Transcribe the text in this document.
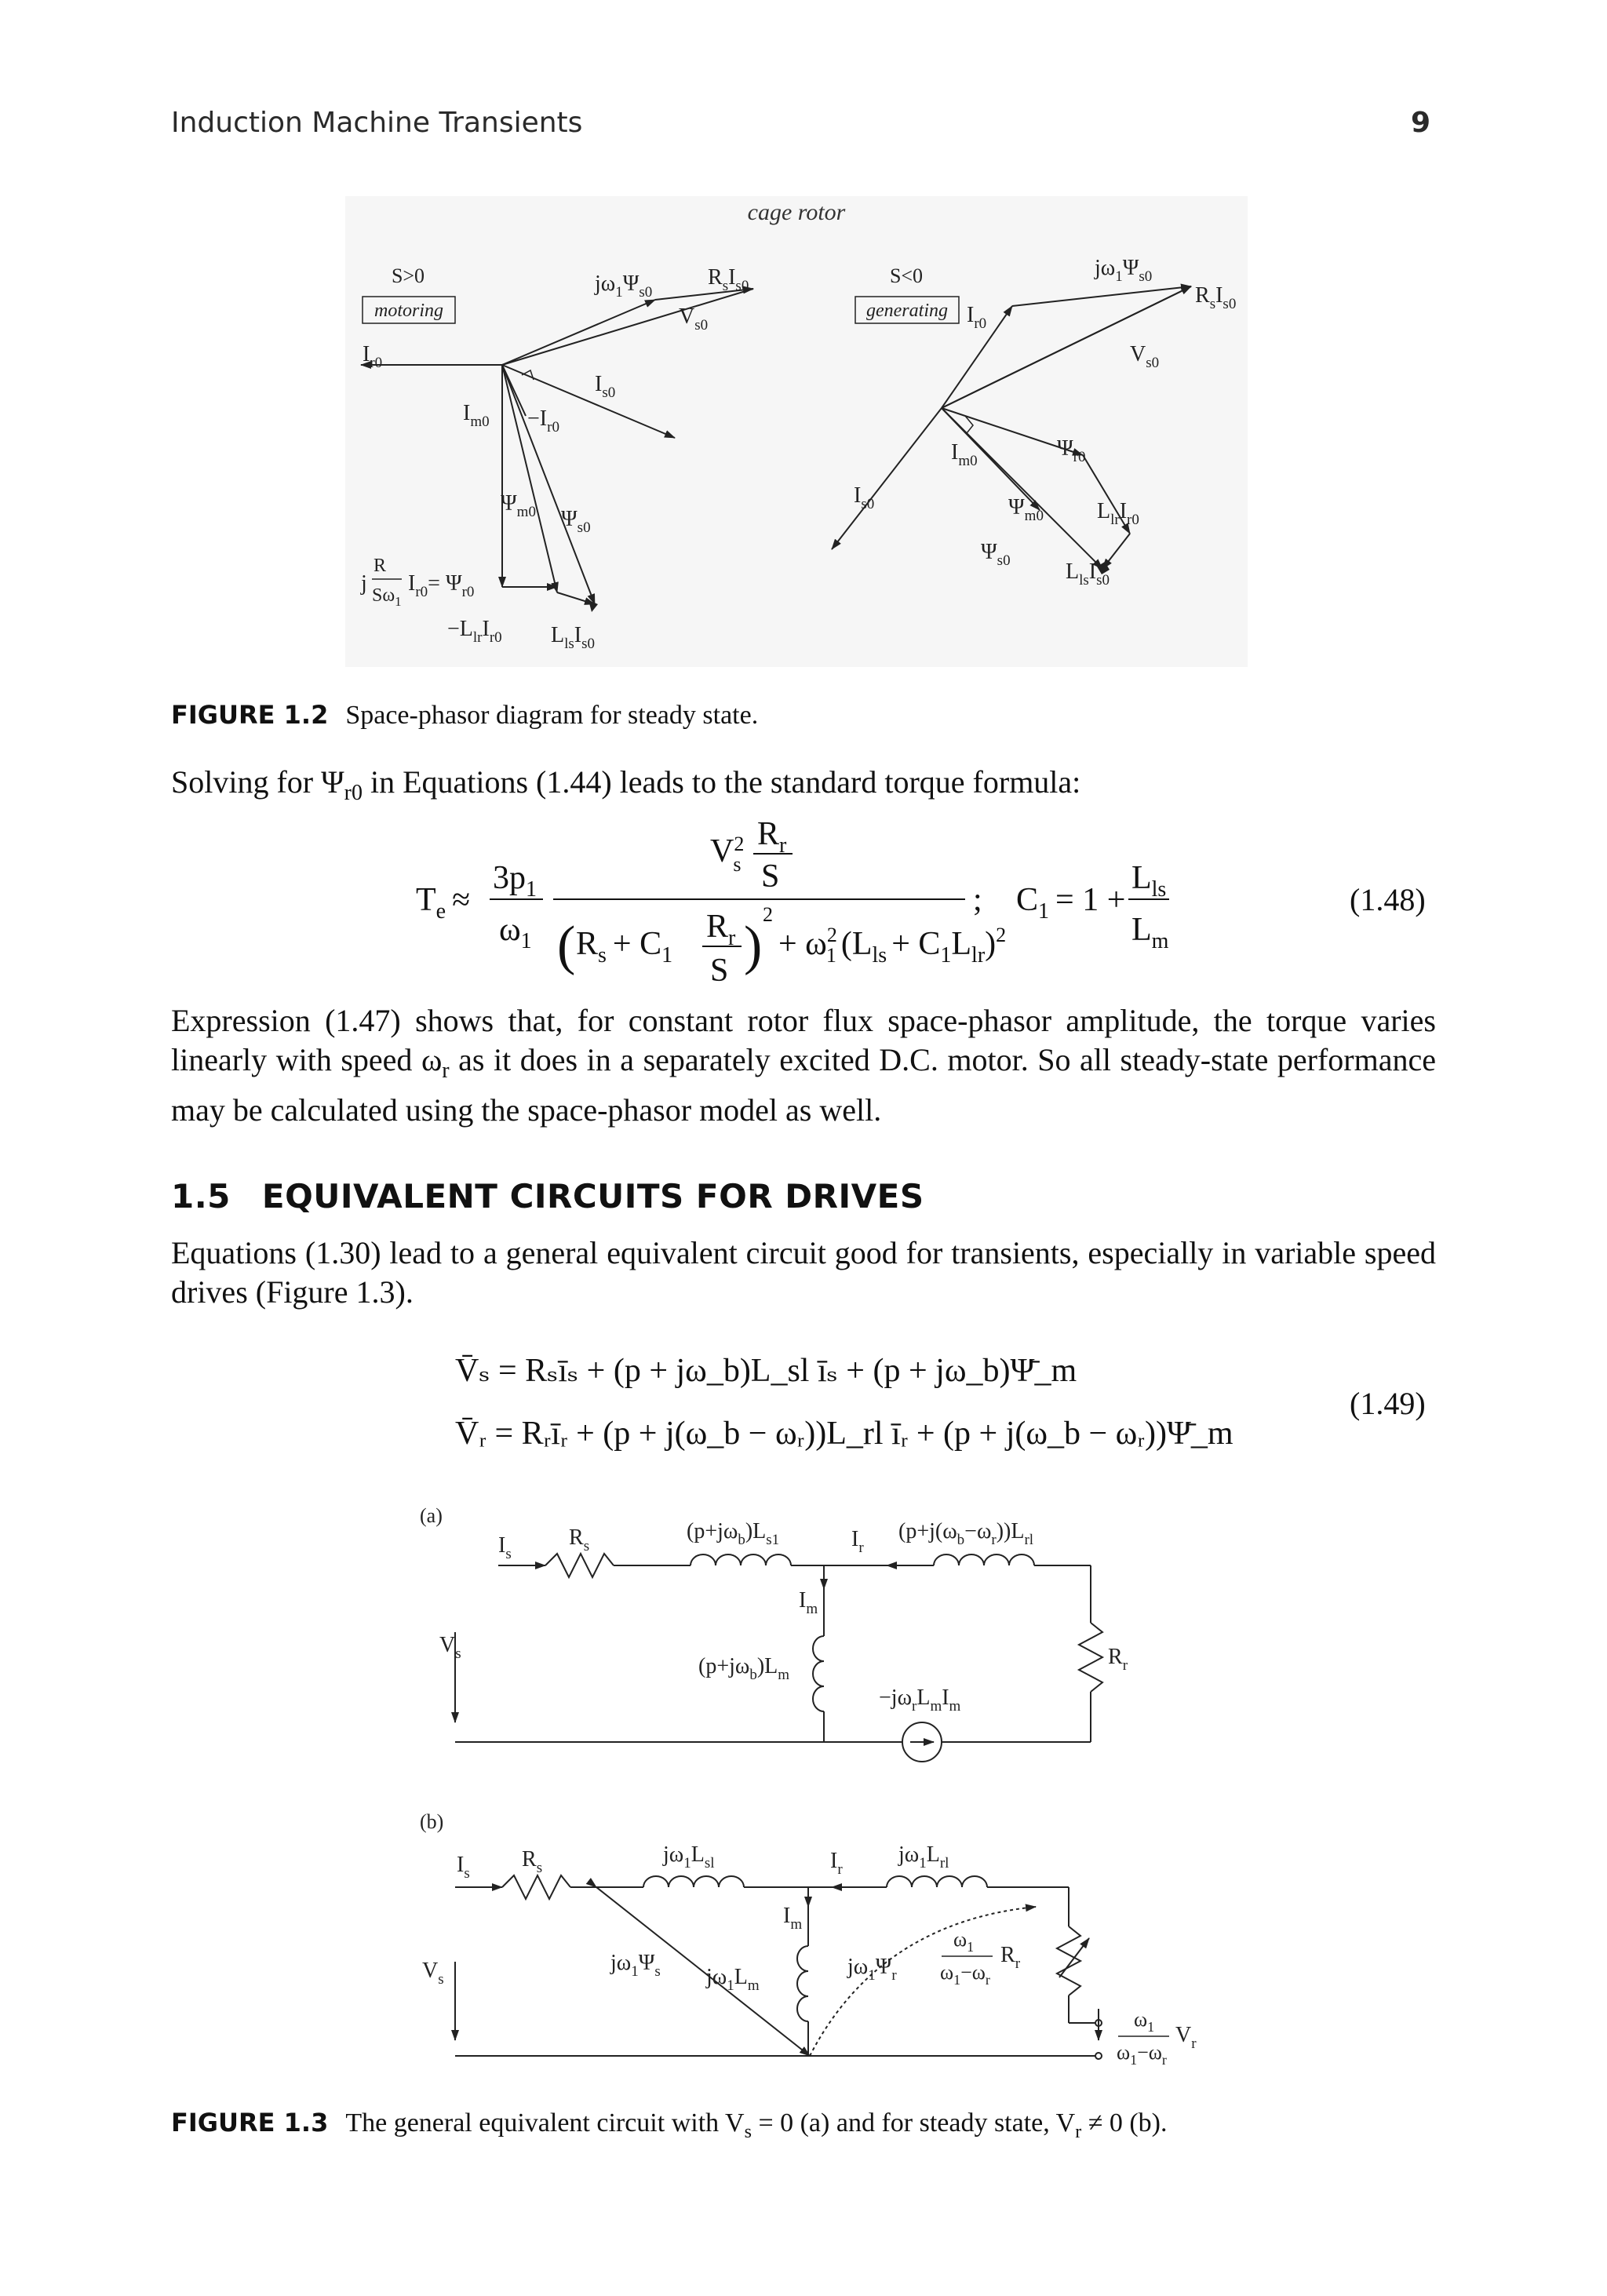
Induction Machine Transients	9
cage rotor
S>0
motoring
$I_{r0}$
$j\omega_1\Psi_{s0}$
$R_sI_{s0}$
$V_{s0}$
$I_{s0}$
$I_{m0} -I_{r0}$
$\Psi_{m0}$ $\Psi_{s0}$
j
R
$S\omega_1$
$I_{r0}= \Psi_{r0}$
$-L_{lr}I_{r0}$ $L_{ls}I_{s0}$
S<0
generating
$j\omega_1\Psi_{s0}$
$R_sI_{s0}$
$V_{s0}$
$I_{r0}$
$\Psi_{r0}$
$I_{m0}$
$\Psi_{m0}$ $L_{lr}I_{r0}$
$I_{s0}$
$\Psi_{s0}$	$L_{ls}I_{s0}$
FIGURE 1.2 Space-phasor diagram for steady state.
Solving for $\Psi_{r0}$ in Equations (1.44) leads to the standard torque formula:
$T_e$ ≈
$3p_1$
$\omega_1$
$V^2$ s
$R_r$
S
( $R_s + C_1$
$R_r$
S )
2
+ $\omega^2$ 1 $(L_{ls} + C_1L_{lr})^2$
; $C_1 = 1$ +
$L_{ls}$
$L_m$
(1.48)
Expression (1.47) shows that, for constant rotor flux space-phasor amplitude, the torque varies linearly with speed $\omega_r$ as it does in a separately excited D.C. motor. So all steady-state performance may be calculated using the space-phasor model as well.
1.5 EQUIVALENT CIRCUITS FOR DRIVES
Equations (1.30) lead to a general equivalent circuit good for transients, especially in variable speed drives (Figure 1.3).
V̄ₛ = Rₛīₛ + (p + jω_b)L_sl īₛ + (p + jω_b)Ψ̄_m
V̄ᵣ = Rᵣīᵣ + (p + j(ω_b − ωᵣ))L_rl īᵣ + (p + j(ω_b − ωᵣ))Ψ̄_m
(1.49)
(a)
$I_s$
$R_s$
$(p+j\omega_b)L_{s1}$	$I_r$
$(p+j(\omega_b-\omega_r))L_{rl}$
$I_m$
$V_s$
$(p+j\omega_b)L_m$
$-j\omega_rL_mI_m$
$R_r$
(b)
$I_s$
$R_s$
$j\omega_1L_{sl}$	$I_r$
$j\omega_1L_{rl}$
$I_m$
$V_s$
$j\omega_1\Psi_s$ $j\omega_1L_m$
$j\omega_1\Psi_r$
$\omega_1$
$\omega_1-\omega_r$
$R_r$
$\omega_1$
$\omega_1-\omega_r$
$V_r$
FIGURE 1.3 The general equivalent circuit with $V_s = 0$ (a) and for steady state, $V_r \ne 0$ (b).
